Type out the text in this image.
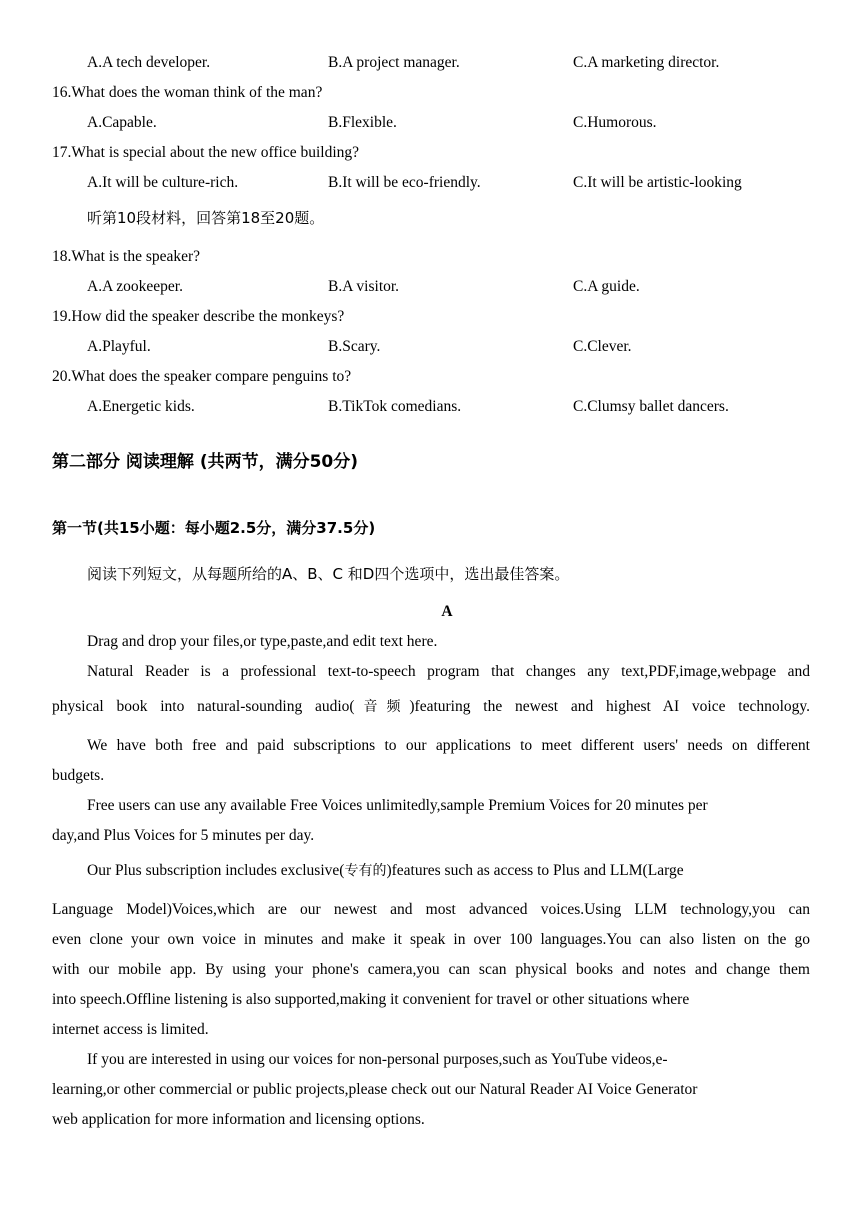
A.A tech developer.	B.A project manager.	C.A marketing director.
16.What does the woman think of the man?
A.Capable.	B.Flexible.	C.Humorous.
17.What is special about the new office building?
A.It will be culture-rich.	B.It will be eco-friendly.	C.It will be artistic-looking
听第10段材料，回答第18至20题。
18.What is the speaker?
A.A zookeeper.	B.A visitor.	C.A guide.
19.How did the speaker describe the monkeys?
A.Playful.	B.Scary.	C.Clever.
20.What does the speaker compare penguins to?
A.Energetic kids.	B.TikTok comedians.	C.Clumsy ballet dancers.
第二部分 阅读理解 (共两节，满分50分)
第一节(共15小题：每小题2.5分，满分37.5分)
阅读下列短文，从每题所给的A、B、C 和D四个选项中，选出最佳答案。
A
Drag and drop your files,or type,paste,and edit text here.
Natural Reader is a professional text-to-speech program that changes any text,PDF,image,webpage and
physical book into natural-sounding audio(音频)featuring the newest and highest AI voice technology.
We have both free and paid subscriptions to our applications to meet different users' needs on different
budgets.
Free users can use any available Free Voices unlimitedly,sample Premium Voices for 20 minutes per
day,and Plus Voices for 5 minutes per day.
Our Plus subscription includes exclusive(专有的)features such as access to Plus and LLM(Large
Language Model)Voices,which are our newest and most advanced voices.Using LLM technology,you can
even clone your own voice in minutes and make it speak in over 100 languages.You can also listen on the go
with our mobile app. By using your phone's camera,you can scan physical books and notes and change them
into speech.Offline listening is also supported,making it convenient for travel or other situations where
internet access is limited.
If you are interested in using our voices for non-personal purposes,such as YouTube videos,e-
learning,or other commercial or public projects,please check out our Natural Reader AI Voice Generator
web application for more information and licensing options.
